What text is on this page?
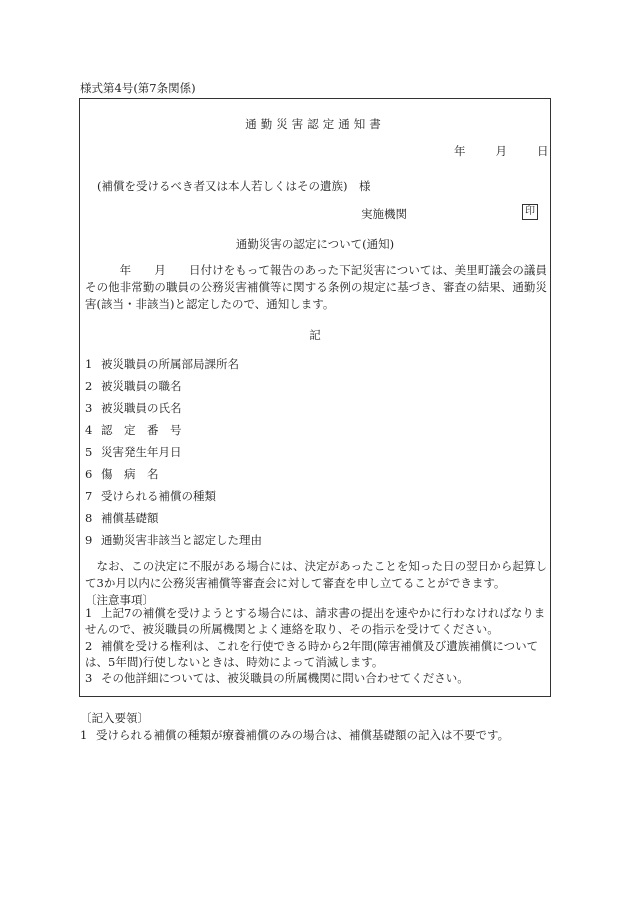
様式第4号(第7条関係)
通勤災害認定通知書
年	月	日
(補償を受けるべき者又は本人若しくはその遺族)　様
実施機関	印
通勤災害の認定について(通知)
　　　年　　月　　日付けをもって報告のあった下記災害については、美里町議会の議員その他非常勤の職員の公務災害補償等に関する条例の規定に基づき、審査の結果、通勤災害(該当・非該当)と認定したので、通知します。
記
1 被災職員の所属部局課所名
2 被災職員の職名
3 被災職員の氏名
4 認　定　番　号
5 災害発生年月日
6 傷　病　名
7 受けられる補償の種類
8 補償基礎額
9 通勤災害非該当と認定した理由
　なお、この決定に不服がある場合には、決定があったことを知った日の翌日から起算して3か月以内に公務災害補償等審査会に対して審査を申し立てることができます。
〔注意事項〕
1 上記7の補償を受けようとする場合には、請求書の提出を速やかに行わなければなりませんので、被災職員の所属機関とよく連絡を取り、その指示を受けてください。
2 補償を受ける権利は、これを行使できる時から2年間(障害補償及び遺族補償については、5年間)行使しないときは、時効によって消滅します。
3 その他詳細については、被災職員の所属機関に問い合わせてください。
〔記入要領〕
1 受けられる補償の種類が療養補償のみの場合は、補償基礎額の記入は不要です。
